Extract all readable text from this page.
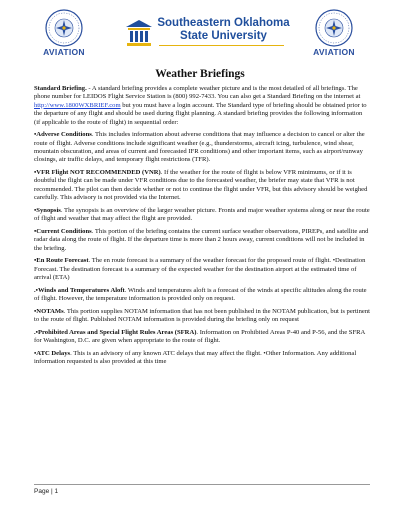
AVIATION
Southeastern Oklahoma
State University
AVIATION
Weather Briefings

Standard Briefing. - A standard briefing provides a complete weather picture and is the most detailed of all briefings. The phone number for LEIDOS Flight Service Station is (800) 992-7433. You can also get a Standard Briefing on the internet at http://www.1800WXBRIEF.com but you must have a login account. The Standard type of briefing should be obtained prior to the departure of any flight and should be used during flight planning. A standard briefing provides the following information (if applicable to the route of flight) in sequential order:

•Adverse Conditions. This includes information about adverse conditions that may influence a decision to cancel or alter the route of flight. Adverse conditions include significant weather (e.g., thunderstorms, aircraft icing, turbulence, wind shear, mountain obscuration, and areas of current and forecasted IFR conditions) and other important items, such as airport/runway closings, air traffic delays, and temporary flight restrictions (TFR).

•VFR Flight NOT RECOMMENDED (VNR). If the weather for the route of flight is below VFR minimums, or if it is doubtful the flight can be made under VFR conditions due to the forecasted weather, the briefer may state that VFR is not recommended. The pilot can then decide whether or not to continue the flight under VFR, but this advisory should be weighed carefully. This advisory is not provided via the Internet.

•Synopsis. The synopsis is an overview of the larger weather picture. Fronts and major weather systems along or near the route of flight and weather that may affect the flight are provided.

•Current Conditions. This portion of the briefing contains the current surface weather observations, PIREPs, and satellite and radar data along the route of flight. If the departure time is more than 2 hours away, current conditions will not be included in the briefing.

•En Route Forecast. The en route forecast is a summary of the weather forecast for the proposed route of flight. •Destination Forecast. The destination forecast is a summary of the expected weather for the destination airport at the estimated time of arrival (ETA)

.•Winds and Temperatures Aloft. Winds and temperatures aloft is a forecast of the winds at specific altitudes along the route of flight. However, the temperature information is provided only on request.

•NOTAMs. This portion supplies NOTAM information that has not been published in the NOTAM publication, but is pertinent to the route of flight. Published NOTAM information is provided during the briefing only on request

.•Prohibited Areas and Special Flight Rules Areas (SFRA). Information on Prohibited Areas P-40 and P-56, and the SFRA for Washington, D.C. are given when appropriate to the route of flight.

•ATC Delays. This is an advisory of any known ATC delays that may affect the flight. •Other Information. Any additional information requested is also provided at this time

Page | 1
